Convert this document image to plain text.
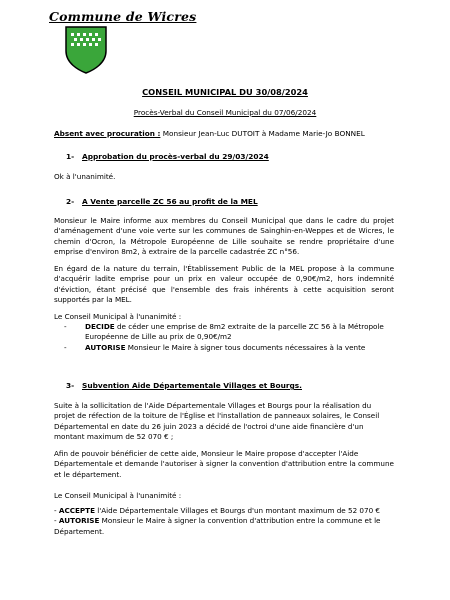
Commune de Wicres
CONSEIL MUNICIPAL DU 30/08/2024
Procès-Verbal du Conseil Municipal du 07/06/2024
Absent avec procuration : Monsieur Jean-Luc DUTOIT à Madame Marie-Jo BONNEL
1- Approbation du procès-verbal du 29/03/2024
Ok à l'unanimité.
2- A Vente parcelle ZC 56 au profit de la MEL
Monsieur le Maire informe aux membres du Conseil Municipal que dans le cadre du projet d'aménagement d'une voie verte sur les communes de Sainghin-en-Weppes et de Wicres, le chemin d'Ocron, la Métropole Européenne de Lille souhaite se rendre propriétaire d'une emprise d'environ 8m2, à extraire de la parcelle cadastrée ZC n°56.
En égard de la nature du terrain, l'Établissement Public de la MEL propose à la commune d'acquérir ladite emprise pour un prix en valeur occupée de 0,90€/m2, hors indemnité d'éviction, étant précisé que l'ensemble des frais inhérents à cette acquisition seront supportés par la MEL.
Le Conseil Municipal à l'unanimité :
-	DECIDE de céder une emprise de 8m2 extraite de la parcelle ZC 56 à la Métropole Européenne de Lille au prix de 0,90€/m2
-	AUTORISE Monsieur le Maire à signer tous documents nécessaires à la vente
3- Subvention Aide Départementale Villages et Bourgs.
Suite à la sollicitation de l'Aide Départementale Villages et Bourgs pour la réalisation du projet de réfection de la toiture de l'Église et l'installation de panneaux solaires, le Conseil Départemental en date du 26 juin 2023 a décidé de l'octroi d'une aide financière d'un montant maximum de 52 070 € ;
Afin de pouvoir bénéficier de cette aide, Monsieur le Maire propose d'accepter l'Aide Départementale et demande l'autoriser à signer la convention d'attribution entre la commune et le département.
Le Conseil Municipal à l'unanimité :
- ACCEPTE l'Aide Départementale Villages et Bourgs d'un montant maximum de 52 070 €
- AUTORISE Monsieur le Maire à signer la convention d'attribution entre la commune et le Département.
